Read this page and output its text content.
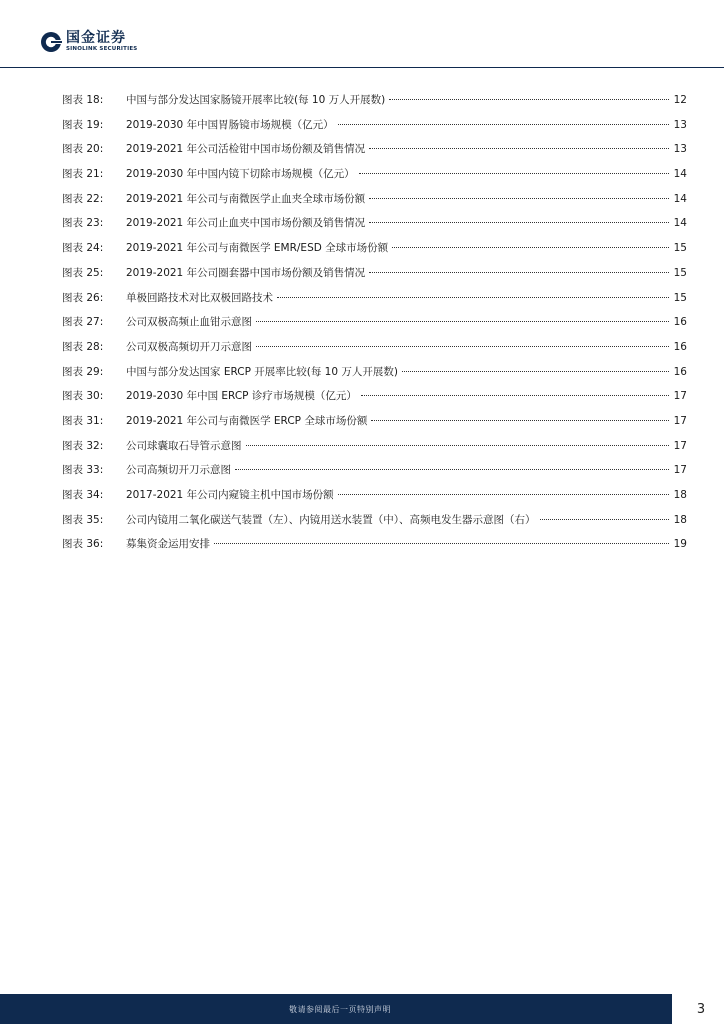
国金证券
SINOLINK SECURITIES
图表 18:	中国与部分发达国家肠镜开展率比较(每 10 万人开展数)	12
图表 19:	2019-2030 年中国胃肠镜市场规模（亿元）	13
图表 20:	2019-2021 年公司活检钳中国市场份额及销售情况	13
图表 21:	2019-2030 年中国内镜下切除市场规模（亿元）	14
图表 22:	2019-2021 年公司与南微医学止血夹全球市场份额	14
图表 23:	2019-2021 年公司止血夹中国市场份额及销售情况	14
图表 24:	2019-2021 年公司与南微医学 EMR/ESD 全球市场份额	15
图表 25:	2019-2021 年公司圈套器中国市场份额及销售情况	15
图表 26:	单极回路技术对比双极回路技术	15
图表 27:	公司双极高频止血钳示意图	16
图表 28:	公司双极高频切开刀示意图	16
图表 29:	中国与部分发达国家 ERCP 开展率比较(每 10 万人开展数)	16
图表 30:	2019-2030 年中国 ERCP 诊疗市场规模（亿元）	17
图表 31:	2019-2021 年公司与南微医学 ERCP 全球市场份额	17
图表 32:	公司球囊取石导管示意图	17
图表 33:	公司高频切开刀示意图	17
图表 34:	2017-2021 年公司内窥镜主机中国市场份额	18
图表 35:	公司内镜用二氧化碳送气装置（左）、内镜用送水装置（中）、高频电发生器示意图（右）	18
图表 36:	募集资金运用安排	19
敬请参阅最后一页特别声明	3
